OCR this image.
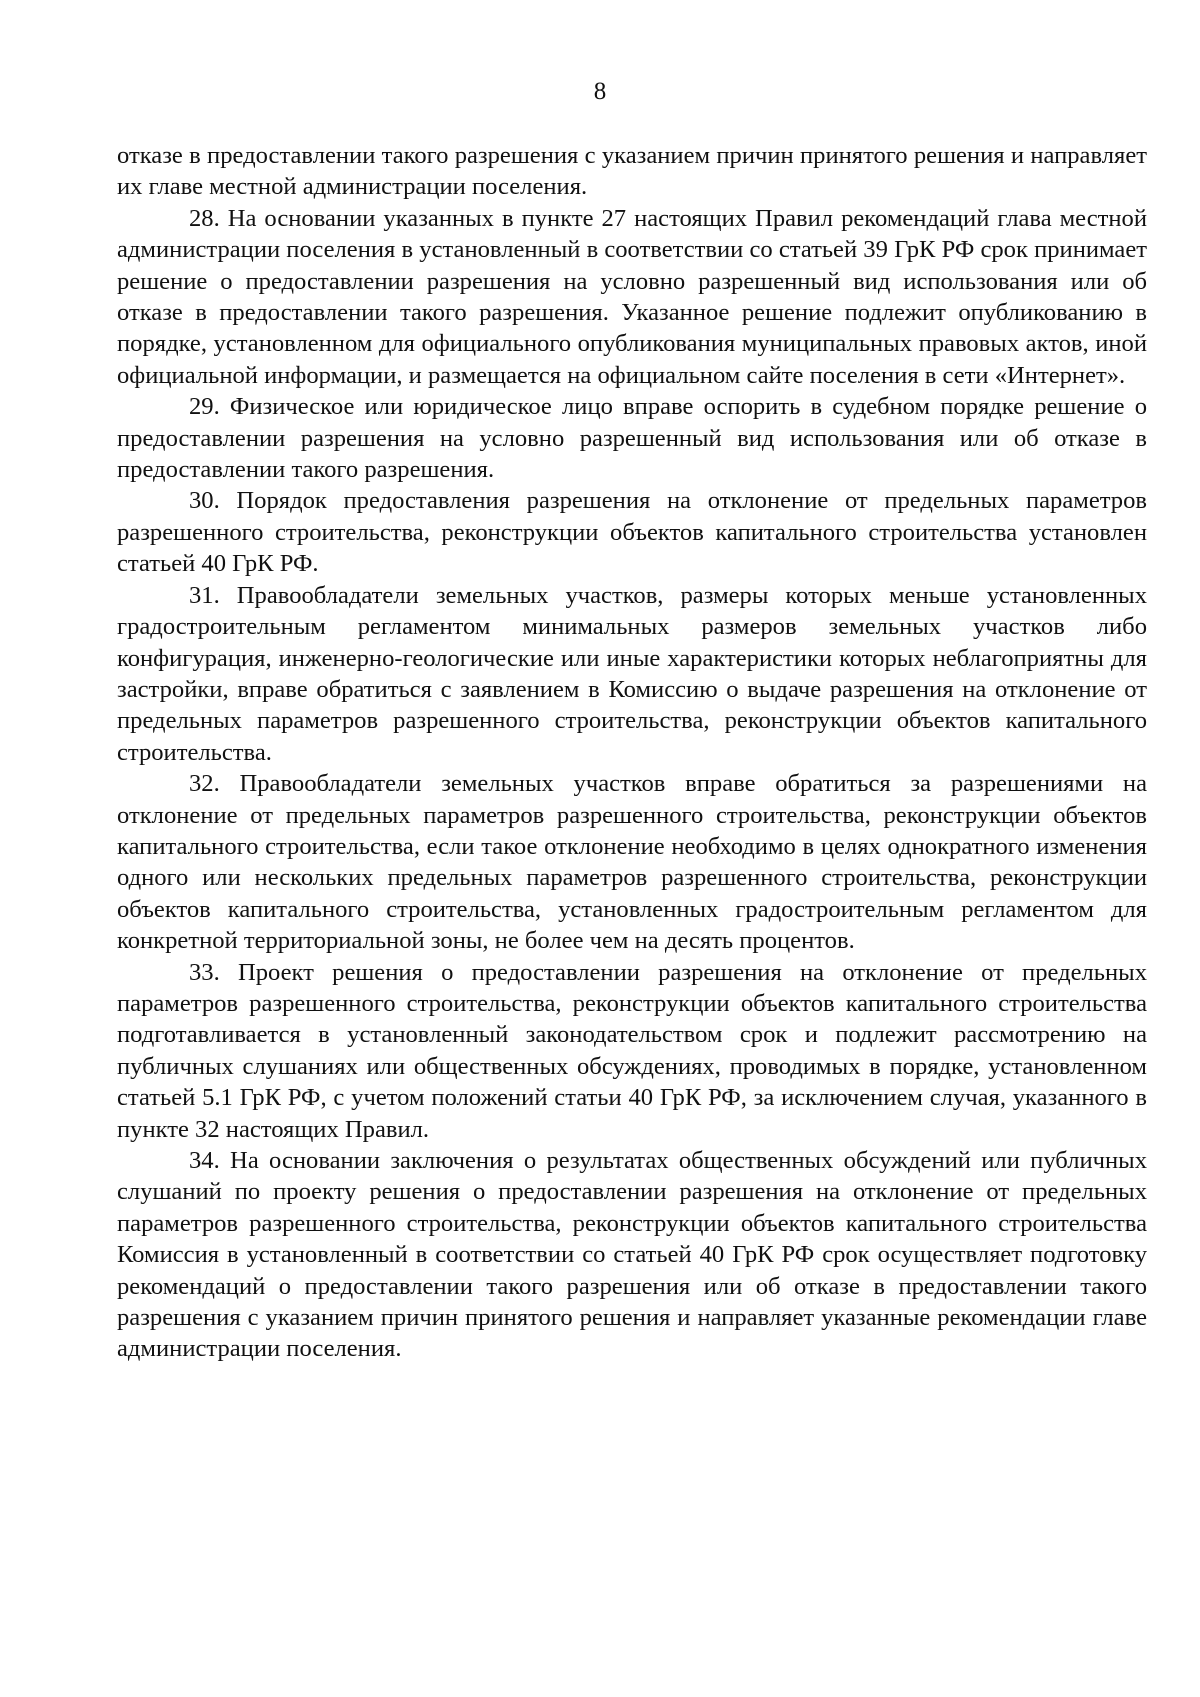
8

отказе в предоставлении такого разрешения с указанием причин принятого решения и направляет их главе местной администрации поселения.

28. На основании указанных в пункте 27 настоящих Правил рекомендаций глава местной администрации поселения в установленный в соответствии со статьей 39 ГрК РФ срок принимает решение о предоставлении разрешения на условно разрешенный вид использования или об отказе в предоставлении такого разрешения. Указанное решение подлежит опубликованию в порядке, установленном для официального опубликования муниципальных правовых актов, иной официальной информации, и размещается на официальном сайте поселения в сети «Интернет».

29. Физическое или юридическое лицо вправе оспорить в судебном порядке решение о предоставлении разрешения на условно разрешенный вид использования или об отказе в предоставлении такого разрешения.

30. Порядок предоставления разрешения на отклонение от предельных параметров разрешенного строительства, реконструкции объектов капитального строительства установлен статьей 40 ГрК РФ.

31. Правообладатели земельных участков, размеры которых меньше установленных градостроительным регламентом минимальных размеров земельных участков либо конфигурация, инженерно-геологические или иные характеристики которых неблагоприятны для застройки, вправе обратиться с заявлением в Комиссию о выдаче разрешения на отклонение от предельных параметров разрешенного строительства, реконструкции объектов капитального строительства.

32. Правообладатели земельных участков вправе обратиться за разрешениями на отклонение от предельных параметров разрешенного строительства, реконструкции объектов капитального строительства, если такое отклонение необходимо в целях однократного изменения одного или нескольких предельных параметров разрешенного строительства, реконструкции объектов капитального строительства, установленных градостроительным регламентом для конкретной территориальной зоны, не более чем на десять процентов.

33. Проект решения о предоставлении разрешения на отклонение от предельных параметров разрешенного строительства, реконструкции объектов капитального строительства подготавливается в установленный законодательством срок и подлежит рассмотрению на публичных слушаниях или общественных обсуждениях, проводимых в порядке, установленном статьей 5.1 ГрК РФ, с учетом положений статьи 40 ГрК РФ, за исключением случая, указанного в пункте 32 настоящих Правил.

34. На основании заключения о результатах общественных обсуждений или публичных слушаний по проекту решения о предоставлении разрешения на отклонение от предельных параметров разрешенного строительства, реконструкции объектов капитального строительства Комиссия в установленный в соответствии со статьей 40 ГрК РФ срок осуществляет подготовку рекомендаций о предоставлении такого разрешения или об отказе в предоставлении такого разрешения с указанием причин принятого решения и направляет указанные рекомендации главе администрации поселения.
